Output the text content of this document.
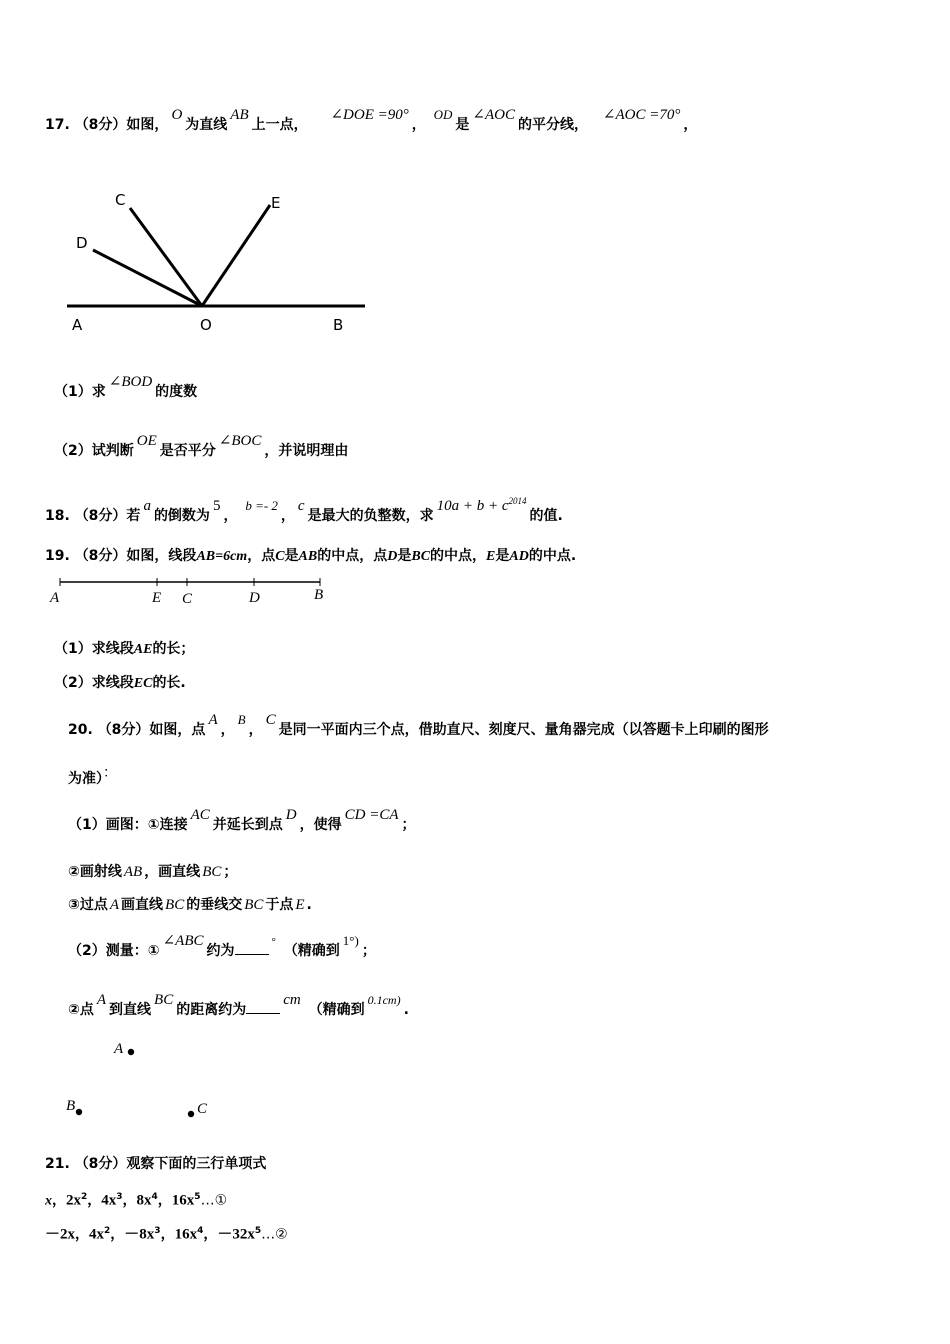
17. （8分）如图，O为直线AB上一点， ∠DOE =90°， OD是∠AOC的平分线， ∠AOC =70°，
C
D
E
A	O	B
（1）求∠BOD的度数
（2）试判断OE是否平分∠BOC，并说明理由
18. （8分）若a的倒数为5， b =- 2，c是最大的负整数，求$10a + b + c^{2014}$的值.
19. （8分）如图，线段AB=6cm，点C是AB的中点，点D是BC的中点，E是AD的中点.
A	E C	D	B
（1）求线段AE的长；
（2）求线段EC的长.
20. （8分）如图，点A，B，C是同一平面内三个点，借助直尺、刻度尺、量角器完成（以答题卡上印刷的图形
为准）：
（1）画图：①连接AC并延长到点D，使得CD =CA；
②画射线 AB ，画直线 BC ；
③过点 A 画直线 BC 的垂线交 BC 于点 E .
（2）测量：①∠ABC约为° （精确到1°)；
②点A到直线BC的距离约为cm （精确到0.1cm).
A
B	C
21. （8分）观察下面的三行单项式
x，$2x^2$，$4x^3$，$8x^4$，$16x^5\dots ①$
－2x，$4x^2$，$-8x^3$，$16x^4$，$-32x^5\dots ②$
